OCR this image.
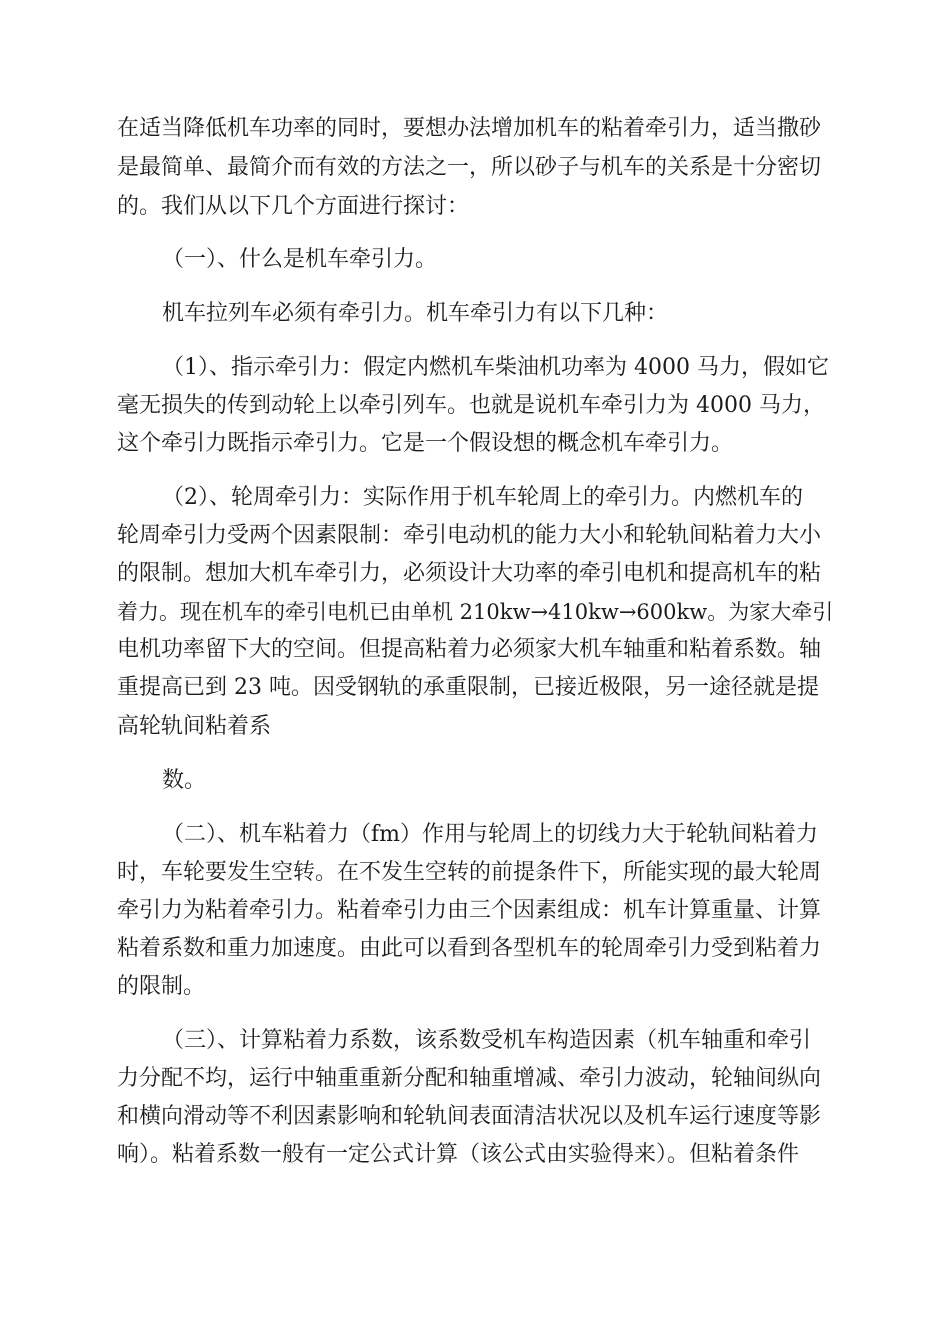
在适当降低机车功率的同时，要想办法增加机车的粘着牵引力，适当撒砂

是最简单、最简介而有效的方法之一，所以砂子与机车的关系是十分密切

的。我们从以下几个方面进行探讨：

（一）、什么是机车牵引力。

机车拉列车必须有牵引力。机车牵引力有以下几种：

（1）、指示牵引力：假定内燃机车柴油机功率为 4000 马力，假如它

毫无损失的传到动轮上以牵引列车。也就是说机车牵引力为 4000 马力，

这个牵引力既指示牵引力。它是一个假设想的概念机车牵引力。

（2）、轮周牵引力：实际作用于机车轮周上的牵引力。内燃机车的

轮周牵引力受两个因素限制：牵引电动机的能力大小和轮轨间粘着力大小

的限制。想加大机车牵引力，必须设计大功率的牵引电机和提高机车的粘

着力。现在机车的牵引电机已由单机 210kw→410kw→600kw。为家大牵引

电机功率留下大的空间。但提高粘着力必须家大机车轴重和粘着系数。轴

重提高已到 23 吨。因受钢轨的承重限制，已接近极限，另一途径就是提

高轮轨间粘着系

数。

（二）、机车粘着力（fm）作用与轮周上的切线力大于轮轨间粘着力

时，车轮要发生空转。在不发生空转的前提条件下，所能实现的最大轮周

牵引力为粘着牵引力。粘着牵引力由三个因素组成：机车计算重量、计算

粘着系数和重力加速度。由此可以看到各型机车的轮周牵引力受到粘着力

的限制。

（三）、计算粘着力系数，该系数受机车构造因素（机车轴重和牵引

力分配不均，运行中轴重重新分配和轴重增减、牵引力波动，轮轴间纵向

和横向滑动等不利因素影响和轮轨间表面清洁状况以及机车运行速度等影

响）。粘着系数一般有一定公式计算（该公式由实验得来）。但粘着条件
